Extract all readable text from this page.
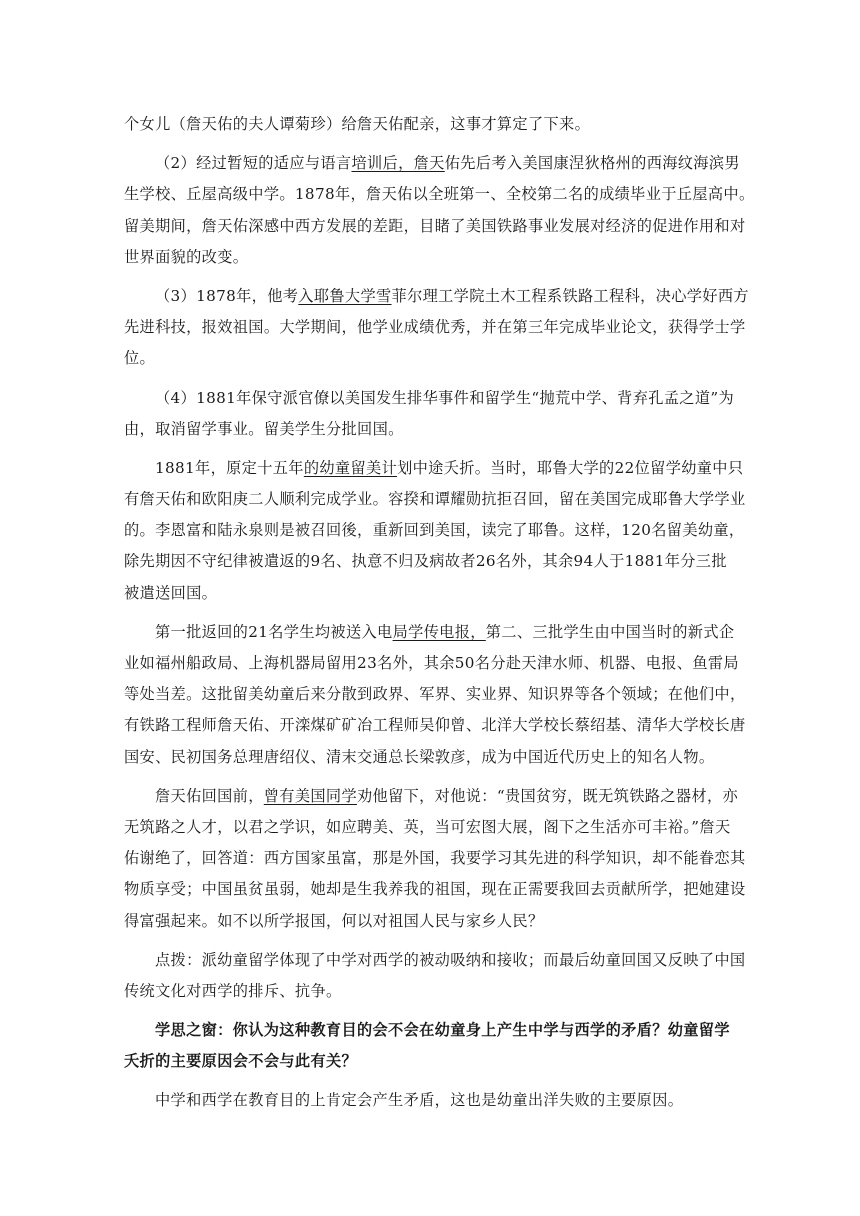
个女儿（詹天佑的夫人谭菊珍）给詹天佑配亲，这事才算定了下来。
（2）经过暂短的适应与语言培训后，詹天佑先后考入美国康涅狄格州的西海纹海滨男
生学校、丘屋高级中学。1878年，詹天佑以全班第一、全校第二名的成绩毕业于丘屋高中。
留美期间，詹天佑深感中西方发展的差距，目睹了美国铁路事业发展对经济的促进作用和对
世界面貌的改变。
（3）1878年，他考入耶鲁大学雪菲尔理工学院土木工程系铁路工程科，决心学好西方
先进科技，报效祖国。大学期间，他学业成绩优秀，并在第三年完成毕业论文，获得学士学
位。
（4）1881年保守派官僚以美国发生排华事件和留学生“抛荒中学、背弃孔孟之道”为
由，取消留学事业。留美学生分批回国。
1881年，原定十五年的幼童留美计划中途夭折。当时，耶鲁大学的22位留学幼童中只
有詹天佑和欧阳庚二人顺利完成学业。容揆和谭耀勋抗拒召回，留在美国完成耶鲁大学学业
的。李恩富和陆永泉则是被召回後，重新回到美国，读完了耶鲁。这样，120名留美幼童，
除先期因不守纪律被遣返的9名、执意不归及病故者26名外，其余94人于1881年分三批
被遣送回国。
第一批返回的21名学生均被送入电局学传电报，第二、三批学生由中国当时的新式企
业如福州船政局、上海机器局留用23名外，其余50名分赴天津水师、机器、电报、鱼雷局
等处当差。这批留美幼童后来分散到政界、军界、实业界、知识界等各个领域；在他们中，
有铁路工程师詹天佑、开滦煤矿矿冶工程师吴仰曾、北洋大学校长蔡绍基、清华大学校长唐
国安、民初国务总理唐绍仪、清末交通总长梁敦彦，成为中国近代历史上的知名人物。
詹天佑回国前，曾有美国同学劝他留下，对他说：“贵国贫穷，既无筑铁路之器材，亦
无筑路之人才，以君之学识，如应聘美、英，当可宏图大展，阁下之生活亦可丰裕。”詹天
佑谢绝了，回答道：西方国家虽富，那是外国，我要学习其先进的科学知识，却不能眷恋其
物质享受；中国虽贫虽弱，她却是生我养我的祖国，现在正需要我回去贡献所学，把她建设
得富强起来。如不以所学报国，何以对祖国人民与家乡人民？
点拨：派幼童留学体现了中学对西学的被动吸纳和接收；而最后幼童回国又反映了中国
传统文化对西学的排斥、抗争。
学思之窗：你认为这种教育目的会不会在幼童身上产生中学与西学的矛盾？幼童留学
夭折的主要原因会不会与此有关？
中学和西学在教育目的上肯定会产生矛盾，这也是幼童出洋失败的主要原因。
